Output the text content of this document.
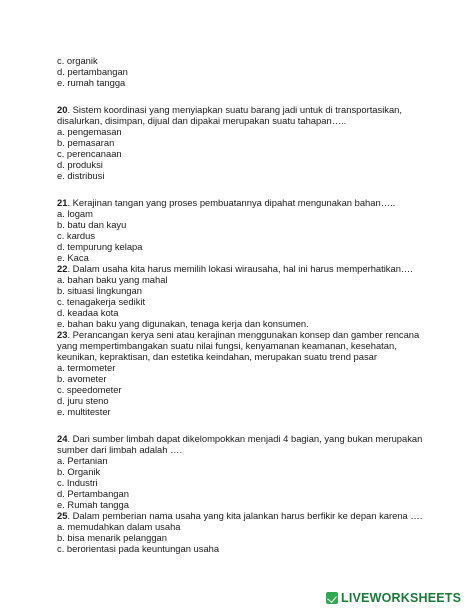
c. organik
d. pertambangan
e. rumah tangga
20. Sistem koordinasi yang menyiapkan suatu barang jadi untuk di transportasikan,
disalurkan, disimpan, dijual dan dipakai merupakan suatu tahapan…..
a. pengemasan
b. pemasaran
c. perencanaan
d. produksi
e. distribusi
21. Kerajinan tangan yang proses pembuatannya dipahat mengunakan bahan…..
a. logam
b. batu dan kayu
c. kardus
d. tempurung kelapa
e. Kaca
22. Dalam usaha kita harus memilih lokasi wirausaha, hal ini harus memperhatikan….
a. bahan baku yang mahal
b. situasi lingkungan
c. tenagakerja sedikit
d. keadaa kota
e. bahan baku yang digunakan, tenaga kerja dan konsumen.
23. Perancangan kerya seni atau kerajinan menggunakan konsep dan gamber rencana
yang mempertimbangakan suatu nilai fungsi, kenyamanan keamanan, kesehatan,
keunikan, kepraktisan, dan estetika keindahan, merupakan suatu trend pasar
a. termometer
b. avometer
c. speedometer
d. juru steno
e. multitester
24. Dari sumber limbah dapat dikelompokkan menjadi 4 bagian, yang bukan merupakan
sumber dari limbah adalah ….
a. Pertanian
b. Organik
c. Industri
d. Pertambangan
e. Rumah tangga
25. Dalam pemberian nama usaha yang kita jalankan harus berfikir ke depan karena ….
a. memudahkan dalam usaha
b. bisa menarik pelanggan
c. berorientasi pada keuntungan usaha
LIVEWORKSHEETS
